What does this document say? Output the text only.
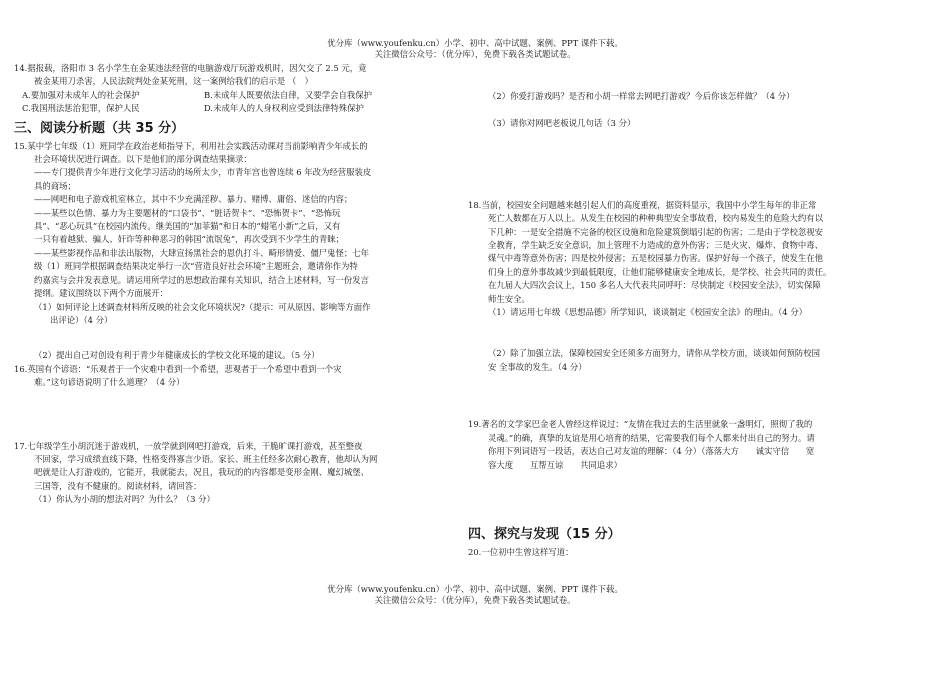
优分库（www.youfenku.cn）小学、初中、高中试题、案例、PPT 课件下载。

关注微信公众号：（优分库），免费下载各类试题试卷。

14.据报载，洛阳市 3 名小学生在金某违法经营的电脑游戏厅玩游戏机时，因欠交了 2.5 元，竟

被金某用刀杀害，人民法院判处金某死刑，这一案例给我们的启示是 （　）

A.要加强对未成年人的社会保护	B.未成年人既要依法自律，又要学会自我保护
C.我国刑法惩治犯罪，保护人民	D.未成年人的人身权利应受到法律特殊保护
三、阅读分析题（共 35 分）

15.某中学七年级（1）班同学在政治老师指导下，利用社会实践活动课对当前影响青少年成长的

社会环境状况进行调查。以下是他们的部分调查结果摘录：

——专门提供青少年进行文化学习活动的场所太少，市青年宫也曾连续 6 年改为经营服装皮

具的商场；

——网吧和电子游戏机室林立，其中不少充满淫秽、暴力、赌博、庸俗、迷信的内容；

——某些以色情、暴力为主要题材的“口袋书”、“脏话贺卡”、“恐怖贺卡”、“恐怖玩

具”、“恶心玩具”在校园内流传。继美国的“加菲猫”和日本的“蜡笔小新”之后，又有

一只有着越狱、骗人、奸诈等种种恶习的韩国“流氓兔”，再次受到不少学生的青睐；

——某些影视作品和非法出版物，大肆宣扬黑社会的恩仇打斗、畸形情爱、僵尸鬼怪；七年

级（1）班同学根据调查结果决定举行一次“营造良好社会环境”主题班会，邀请你作为特

约嘉宾与会并发表意见。请运用所学过的思想政治课有关知识，结合上述材料，写一份发言

提纲。建议围绕以下两个方面展开：

（1）如何评论上述调查材料所反映的社会文化环境状况?（提示：可从原因、影响等方面作

出评论）（4 分）

（2）提出自己对创设有利于青少年健康成长的学校文化环境的建议。（5 分）

16.英国有个谚语：“乐观者于一个灾难中看到一个希望，悲观者于一个希望中看到一个灾

难。”这句谚语说明了什么道理？（4 分）

17.七年级学生小胡沉迷于游戏机，一放学就到网吧打游戏，后来，干脆旷课打游戏，甚至整夜

不回家，学习成绩直线下降，性格变得寡言少语。家长、班主任经多次耐心教育，他却认为网

吧就是让人打游戏的，它能开，我就能去，况且，我玩的的内容都是变形金刚、魔幻城堡、

三国等，没有不健康的。阅读材料，请回答：

（1）你认为小胡的想法对吗？为什么？（3 分）

（2）你爱打游戏吗？是否和小胡一样常去网吧打游戏？今后你该怎样做？（4 分）

（3）请你对网吧老板说几句话（3 分）

18.当前，校园安全问题越来越引起人们的高度重视，据资料显示，我国中小学生每年的非正常

死亡人数都在万人以上。从发生在校园的种种典型安全事故看，校内易发生的危险大约有以

下几种：一是安全措施不完备的校区设施和危险建筑倒塌引起的伤害；二是由于学校忽视安

全教育，学生缺乏安全意识，加上管理不力造成的意外伤害；三是火灾、爆炸、食物中毒、

煤气中毒等意外伤害；四是校外侵害；五是校园暴力伤害。保护好每一个孩子，使发生在他

们身上的意外事故减少到最低限度，让他们能够健康安全地成长，是学校、社会共同的责任。

在九届人大四次会议上，150 多名人大代表共同呼吁：尽快制定《校园安全法》，切实保障

师生安全。

（1）请运用七年级《思想品德》所学知识，谈谈制定《校园安全法》的理由。（4 分）

（2）除了加强立法，保障校园安全还须多方面努力，请你从学校方面，谈谈如何预防校园

安 全事故的发生。（4 分）

19.著名的文学家巴金老人曾经这样说过：“友情在我过去的生活里就象一盏明灯，照彻了我的

灵魂。”的确，真挚的友谊是用心培育的结果，它需要我们每个人都来付出自己的努力。请

你用下列词语写一段话，表达自己对友谊的理解：（4 分）（落落大方　　诚实守信　　宽

容大度　　互帮互谅　　共同追求）

四、探究与发现（15 分）

20.一位初中生曾这样写道：

优分库（www.youfenku.cn）小学、初中、高中试题、案例、PPT 课件下载。

关注微信公众号：（优分库），免费下载各类试题试卷。
